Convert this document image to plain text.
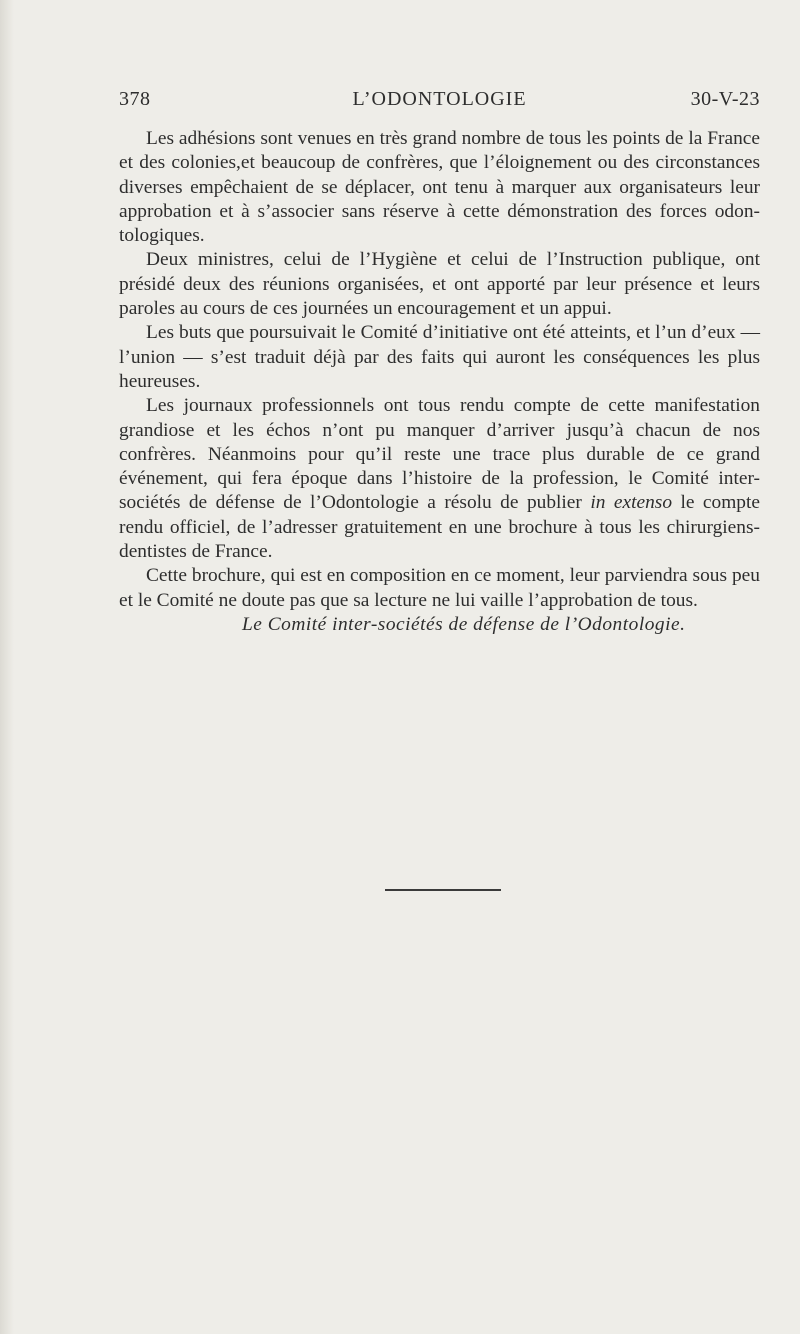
378	L’ODONTOLOGIE	30-V-23

Les adhésions sont venues en très grand nombre de tous les points de la France et des colonies,et beaucoup de confrères, que l’éloignement ou des circonstances diverses empêchaient de se déplacer, ont tenu à marquer aux organisateurs leur approbation et à s’associer sans réserve à cette démonstration des forces odontologiques.

Deux ministres, celui de l’Hygiène et celui de l’Instruction publique, ont présidé deux des réunions organisées, et ont apporté par leur présence et leurs paroles au cours de ces journées un encouragement et un appui.

Les buts que poursuivait le Comité d’initiative ont été atteints, et l’un d’eux — l’union — s’est traduit déjà par des faits qui auront les conséquences les plus heureuses.

Les journaux professionnels ont tous rendu compte de cette manifestation grandiose et les échos n’ont pu manquer d’arriver jusqu’à chacun de nos confrères. Néanmoins pour qu’il reste une trace plus durable de ce grand événement, qui fera époque dans l’histoire de la profession, le Comité inter-sociétés de défense de l’Odontologie a résolu de publier in extenso le compte rendu officiel, de l’adresser gratuitement en une brochure à tous les chirurgiens-dentistes de France.

Cette brochure, qui est en composition en ce moment, leur parviendra sous peu et le Comité ne doute pas que sa lecture ne lui vaille l’approbation de tous.

Le Comité inter-sociétés de défense de l’Odontologie.
